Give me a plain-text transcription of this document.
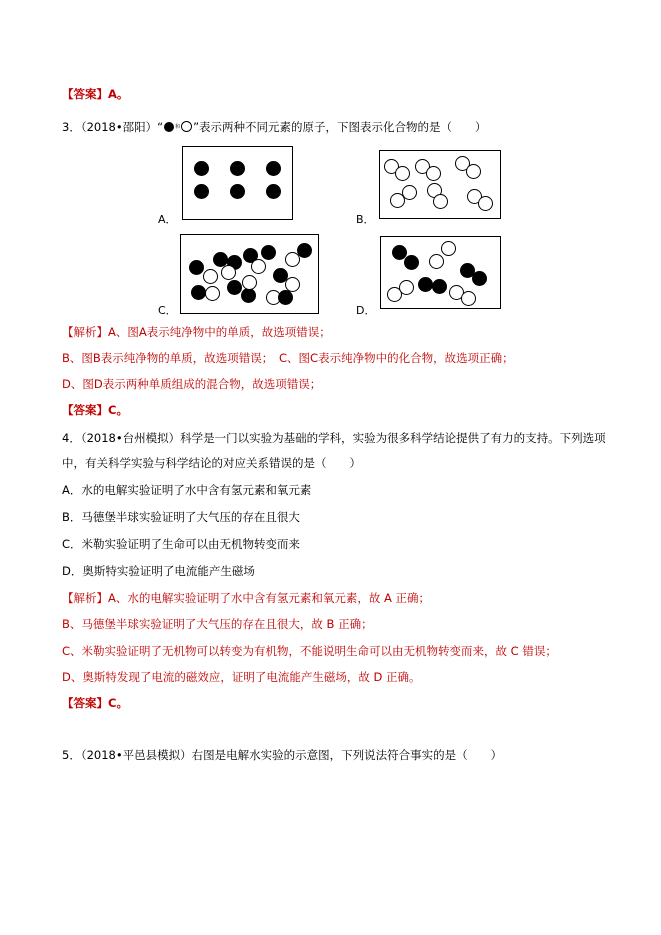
【答案】A。
3．（2018•邵阳）“ $^和$ ”表示两种不同元素的原子，下图表示化合物的是（　　）
A．	B．
C．	D．
【解析】A、图A表示纯净物中的单质，故选项错误；
B、图B表示纯净物的单质，故选项错误；　C、图C表示纯净物中的化合物，故选项正确；
D、图D表示两种单质组成的混合物，故选项错误；
【答案】C。
4．（2018•台州模拟）科学是一门以实验为基础的学科，实验为很多科学结论提供了有力的支持。下列选项
中，有关科学实验与科学结论的对应关系错误的是（　　）
A．水的电解实验证明了水中含有氢元素和氧元素
B．马德堡半球实验证明了大气压的存在且很大
C．米勒实验证明了生命可以由无机物转变而来
D．奥斯特实验证明了电流能产生磁场
【解析】A、水的电解实验证明了水中含有氢元素和氧元素，故 A 正确；
B、马德堡半球实验证明了大气压的存在且很大，故 B 正确；
C、米勒实验证明了无机物可以转变为有机物，不能说明生命可以由无机物转变而来，故 C 错误；
D、奥斯特发现了电流的磁效应，证明了电流能产生磁场，故 D 正确。
【答案】C。
5．（2018•平邑县模拟）右图是电解水实验的示意图，下列说法符合事实的是（　　）
